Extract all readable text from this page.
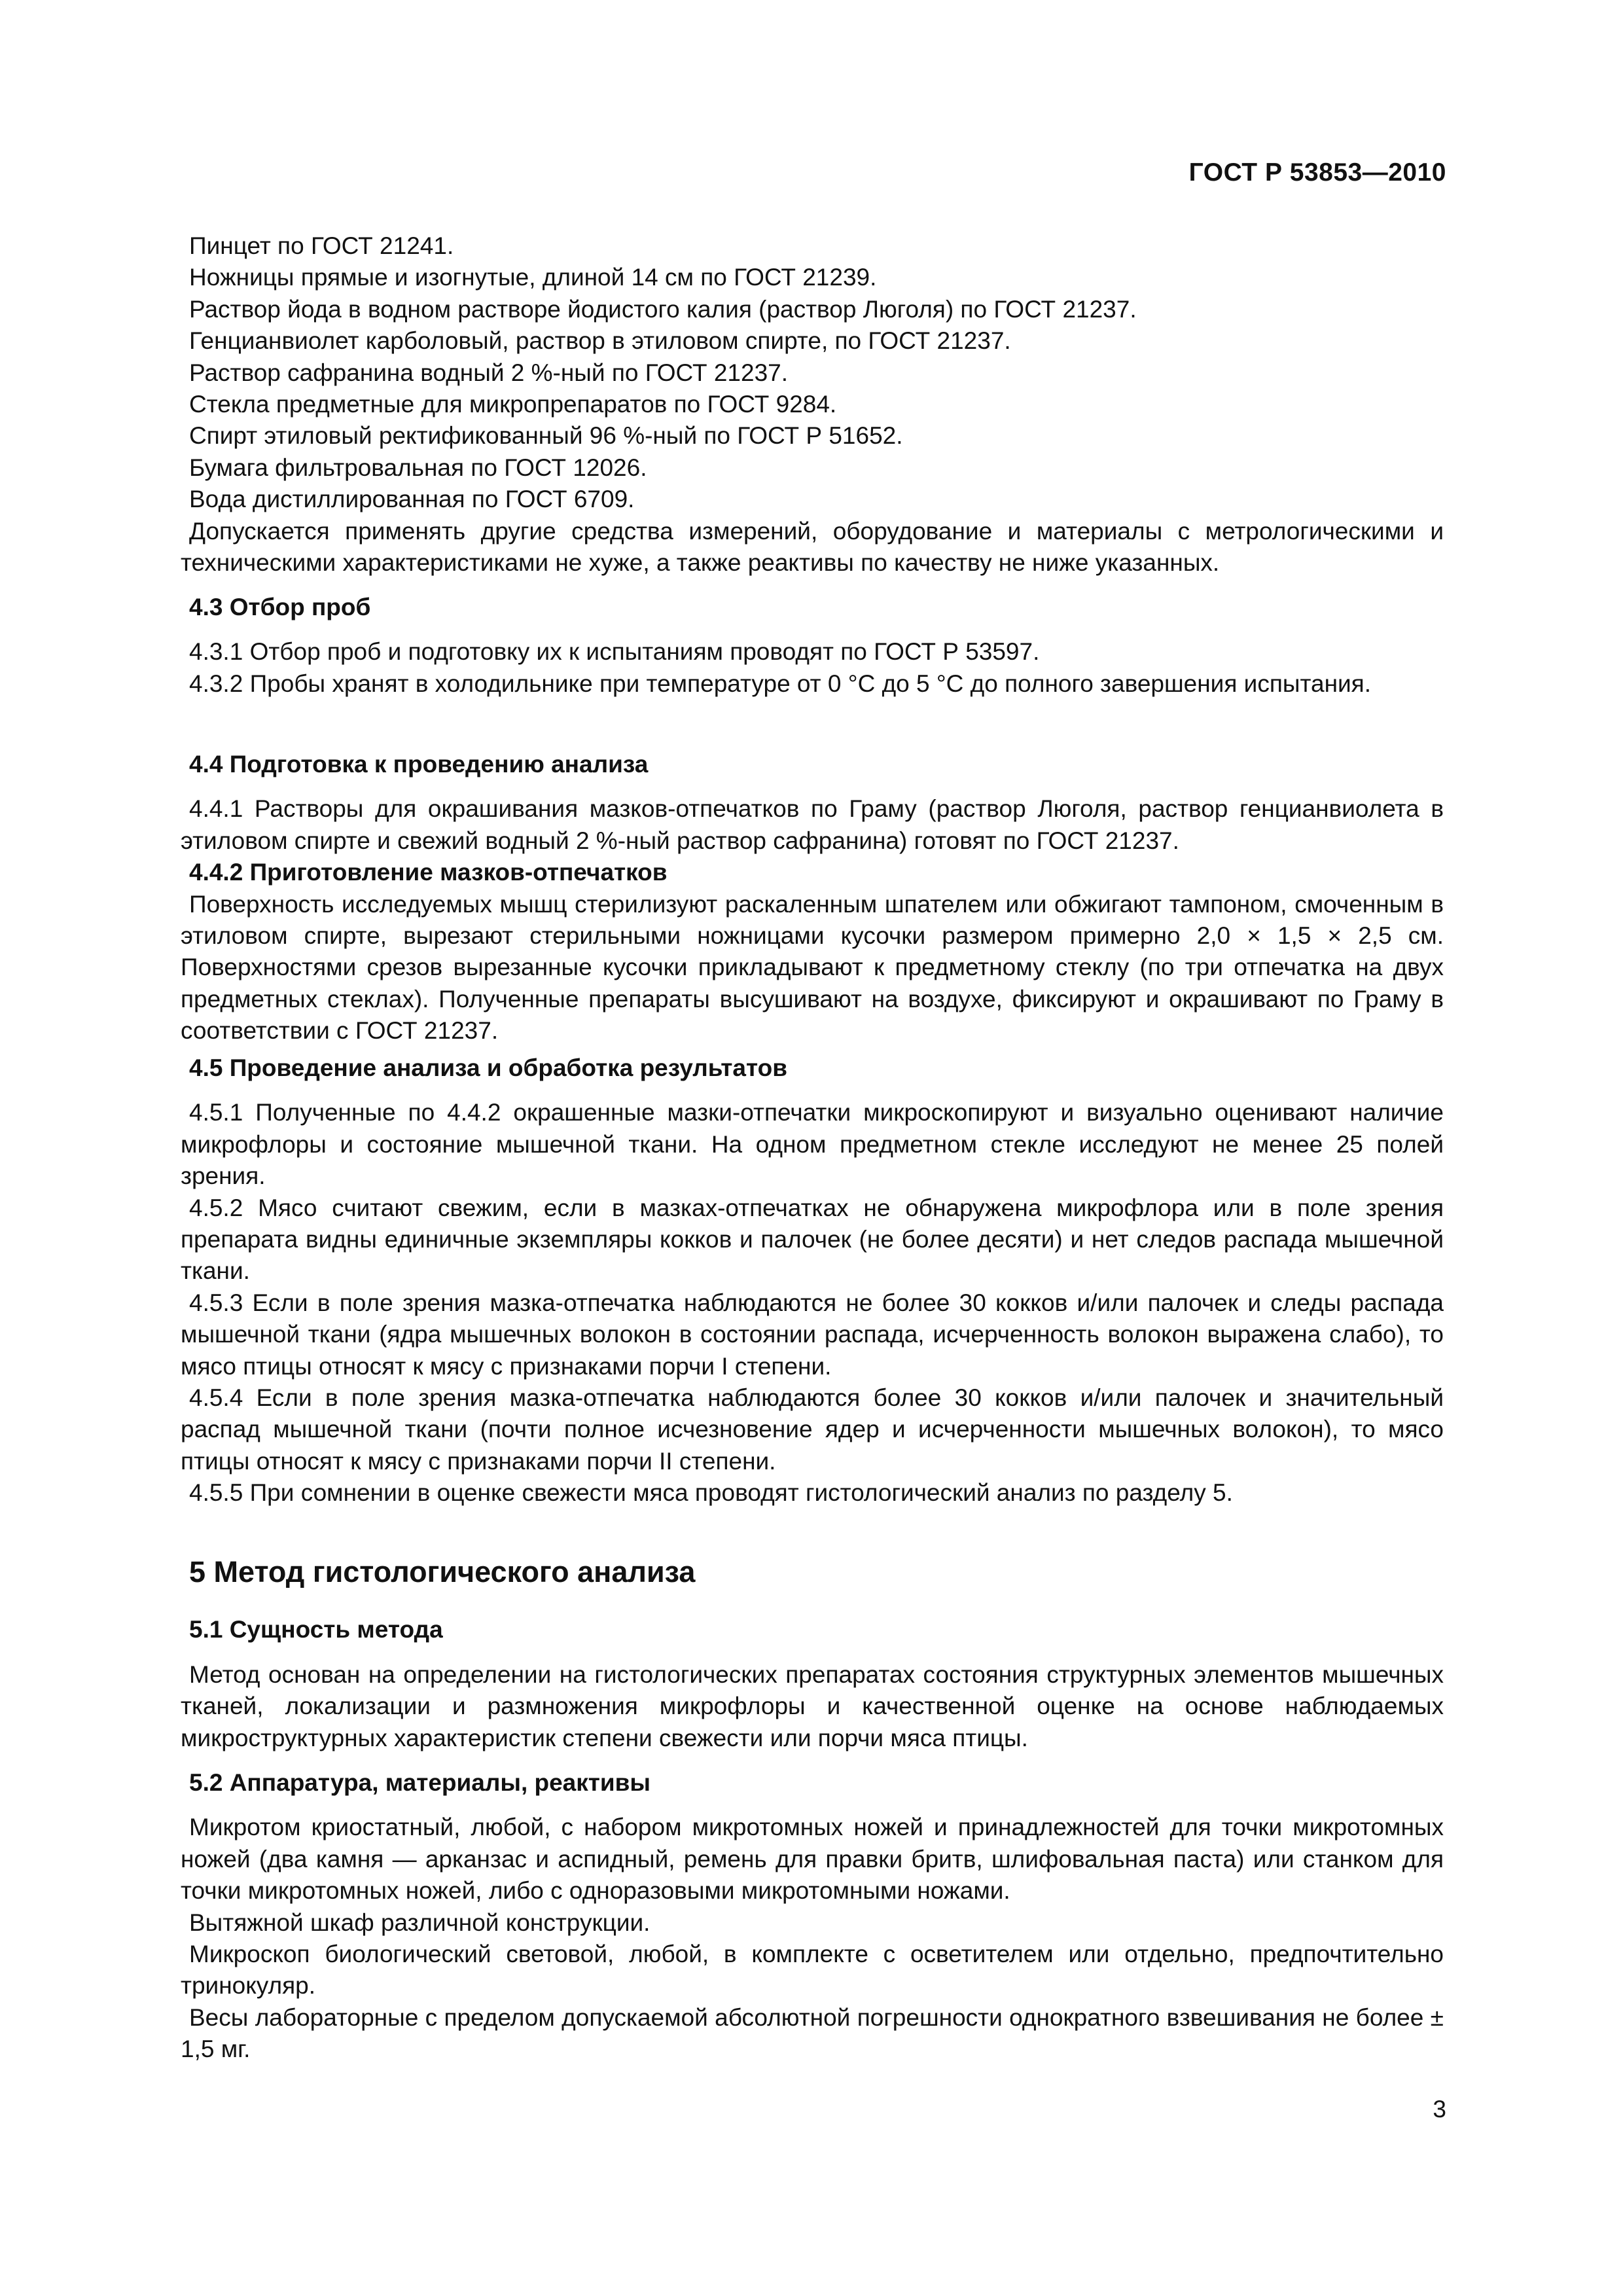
ГОСТ Р 53853—2010

Пинцет по ГОСТ 21241.

Ножницы прямые и изогнутые, длиной 14 см по ГОСТ 21239.

Раствор йода в водном растворе йодистого калия (раствор Люголя) по ГОСТ 21237.

Генцианвиолет карболовый, раствор в этиловом спирте, по ГОСТ 21237.

Раствор сафранина водный 2 %-ный по ГОСТ 21237.

Стекла предметные для микропрепаратов по ГОСТ 9284.

Спирт этиловый ректификованный 96 %-ный по ГОСТ Р 51652.

Бумага фильтровальная по ГОСТ 12026.

Вода дистиллированная по ГОСТ 6709.

Допускается применять другие средства измерений, оборудование и материалы с метрологическими и техническими характеристиками не хуже, а также реактивы по качеству не ниже указанных.

4.3 Отбор проб

4.3.1 Отбор проб и подготовку их к испытаниям проводят по ГОСТ Р 53597.

4.3.2 Пробы хранят в холодильнике при температуре от 0 °С до 5 °С до полного завершения испытания.

4.4 Подготовка к проведению анализа

4.4.1 Растворы для окрашивания мазков-отпечатков по Граму (раствор Люголя, раствор генцианвиолета в этиловом спирте и свежий водный 2 %-ный раствор сафранина) готовят по ГОСТ 21237.

4.4.2 Приготовление мазков-отпечатков

Поверхность исследуемых мышц стерилизуют раскаленным шпателем или обжигают тампоном, смоченным в этиловом спирте, вырезают стерильными ножницами кусочки размером примерно 2,0 × 1,5 × 2,5 см. Поверхностями срезов вырезанные кусочки прикладывают к предметному стеклу (по три отпечатка на двух предметных стеклах). Полученные препараты высушивают на воздухе, фиксируют и окрашивают по Граму в соответствии с ГОСТ 21237.

4.5 Проведение анализа и обработка результатов

4.5.1 Полученные по 4.4.2 окрашенные мазки-отпечатки микроскопируют и визуально оценивают наличие микрофлоры и состояние мышечной ткани. На одном предметном стекле исследуют не менее 25 полей зрения.

4.5.2 Мясо считают свежим, если в мазках-отпечатках не обнаружена микрофлора или в поле зрения препарата видны единичные экземпляры кокков и палочек (не более десяти) и нет следов распада мышечной ткани.

4.5.3 Если в поле зрения мазка-отпечатка наблюдаются не более 30 кокков и/или палочек и следы распада мышечной ткани (ядра мышечных волокон в состоянии распада, исчерченность волокон выражена слабо), то мясо птицы относят к мясу с признаками порчи I степени.

4.5.4 Если в поле зрения мазка-отпечатка наблюдаются более 30 кокков и/или палочек и значительный распад мышечной ткани (почти полное исчезновение ядер и исчерченности мышечных волокон), то мясо птицы относят к мясу с признаками порчи II степени.

4.5.5 При сомнении в оценке свежести мяса проводят гистологический анализ по разделу 5.

5 Метод гистологического анализа

5.1 Сущность метода

Метод основан на определении на гистологических препаратах состояния структурных элементов мышечных тканей, локализации и размножения микрофлоры и качественной оценке на основе наблюдаемых микроструктурных характеристик степени свежести или порчи мяса птицы.

5.2 Аппаратура, материалы, реактивы

Микротом криостатный, любой, с набором микротомных ножей и принадлежностей для точки микротомных ножей (два камня — арканзас и аспидный, ремень для правки бритв, шлифовальная паста) или станком для точки микротомных ножей, либо с одноразовыми микротомными ножами.

Вытяжной шкаф различной конструкции.

Микроскоп биологический световой, любой, в комплекте с осветителем или отдельно, предпочтительно тринокуляр.

Весы лабораторные с пределом допускаемой абсолютной погрешности однократного взвешивания не более ± 1,5 мг.

3
